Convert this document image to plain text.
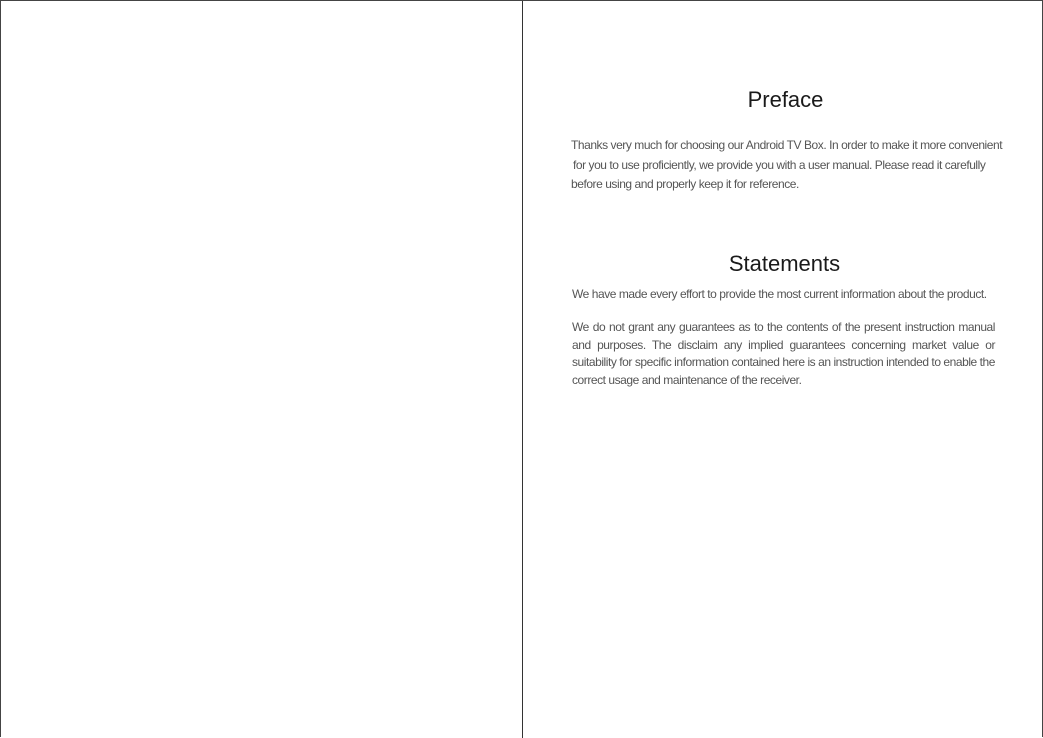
Preface

Thanks very much for choosing our Android TV Box. In order to make it more convenient
for you to use proficiently, we provide you with a user manual. Please read it carefully
before using and properly keep it for reference.

Statements

We have made every effort to provide the most current information about the product.

We do not grant any guarantees as to the contents of the present instruction manual and purposes. The disclaim any implied guarantees concerning market value or suitability for specific information contained here is an instruction intended to enable the correct usage and maintenance of the receiver.
